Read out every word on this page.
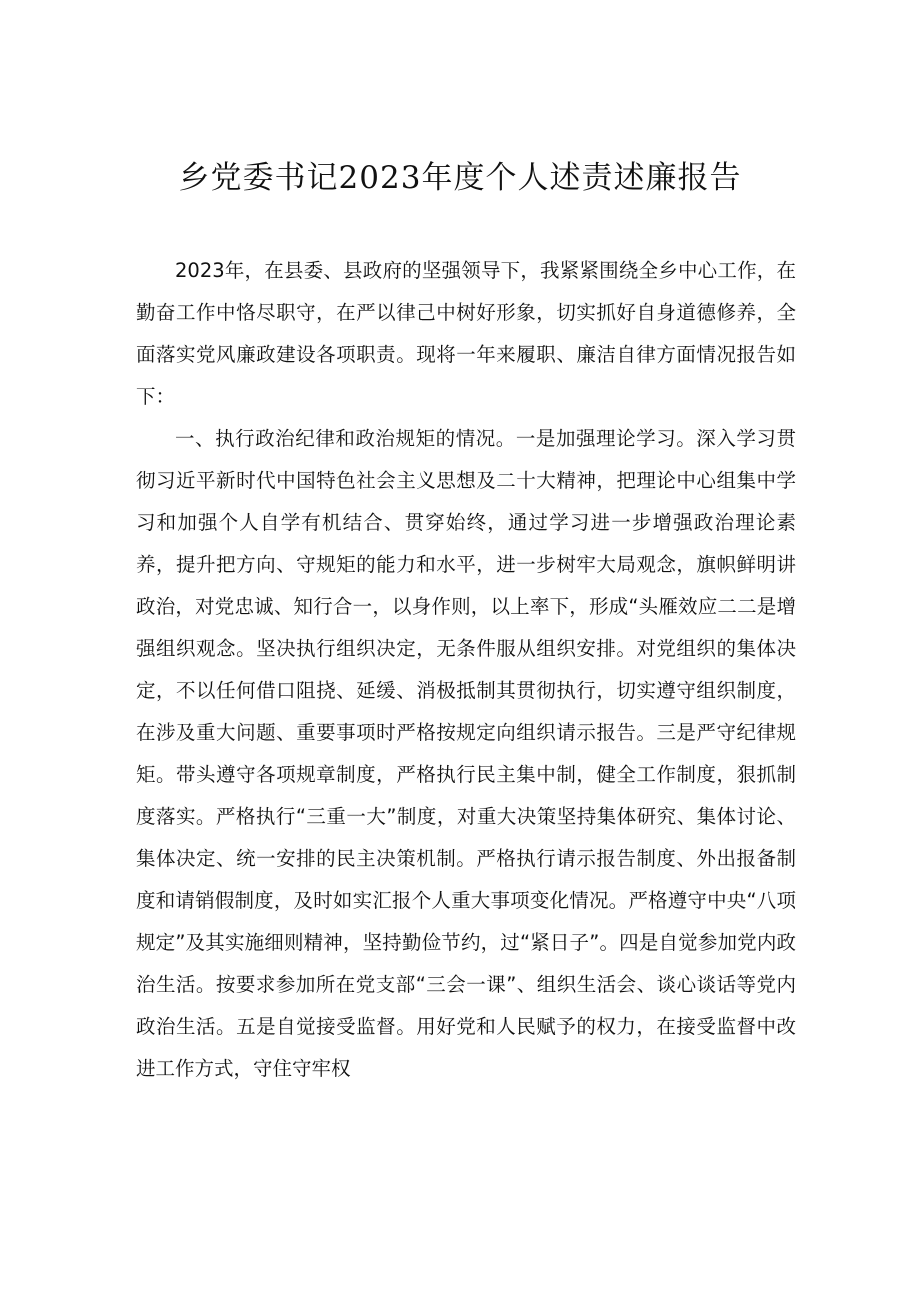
乡党委书记2023年度个人述责述廉报告

2023年，在县委、县政府的坚强领导下，我紧紧围绕全乡中心工作，在勤奋工作中恪尽职守，在严以律己中树好形象，切实抓好自身道德修养，全面落实党风廉政建设各项职责。现将一年来履职、廉洁自律方面情况报告如下：

一、执行政治纪律和政治规矩的情况。一是加强理论学习。深入学习贯彻习近平新时代中国特色社会主义思想及二十大精神，把理论中心组集中学习和加强个人自学有机结合、贯穿始终，通过学习进一步增强政治理论素养，提升把方向、守规矩的能力和水平，进一步树牢大局观念，旗帜鲜明讲政治，对党忠诚、知行合一，以身作则，以上率下，形成“头雁效应二二是增强组织观念。坚决执行组织决定，无条件服从组织安排。对党组织的集体决定，不以任何借口阻挠、延缓、消极抵制其贯彻执行，切实遵守组织制度，在涉及重大问题、重要事项时严格按规定向组织请示报告。三是严守纪律规矩。带头遵守各项规章制度，严格执行民主集中制，健全工作制度，狠抓制度落实。严格执行“三重一大”制度，对重大决策坚持集体研究、集体讨论、集体决定、统一安排的民主决策机制。严格执行请示报告制度、外出报备制度和请销假制度，及时如实汇报个人重大事项变化情况。严格遵守中央“八项规定”及其实施细则精神，坚持勤俭节约，过“紧日子”。四是自觉参加党内政治生活。按要求参加所在党支部“三会一课”、组织生活会、谈心谈话等党内政治生活。五是自觉接受监督。用好党和人民赋予的权力，在接受监督中改进工作方式，守住守牢权
